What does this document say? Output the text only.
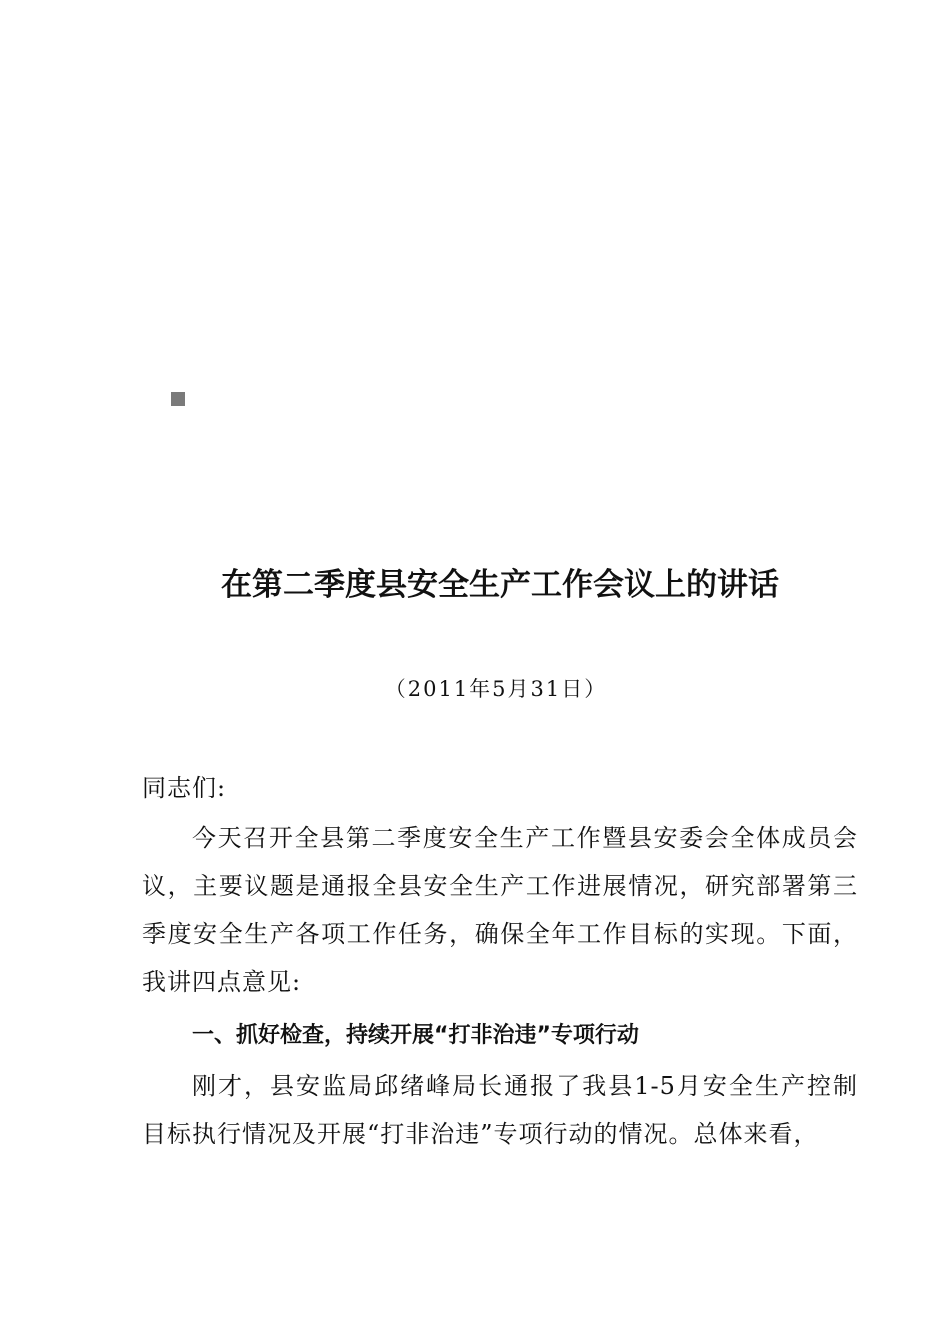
在第二季度县安全生产工作会议上的讲话
（2011年5月31日）
同志们:
今天召开全县第二季度安全生产工作暨县安委会全体成员会议，主要议题是通报全县安全生产工作进展情况，研究部署第三季度安全生产各项工作任务，确保全年工作目标的实现。下面，我讲四点意见:
一、抓好检查，持续开展“打非治违”专项行动
刚才，县安监局邱绪峰局长通报了我县1-5月安全生产控制目标执行情况及开展“打非治违”专项行动的情况。总体来看，
